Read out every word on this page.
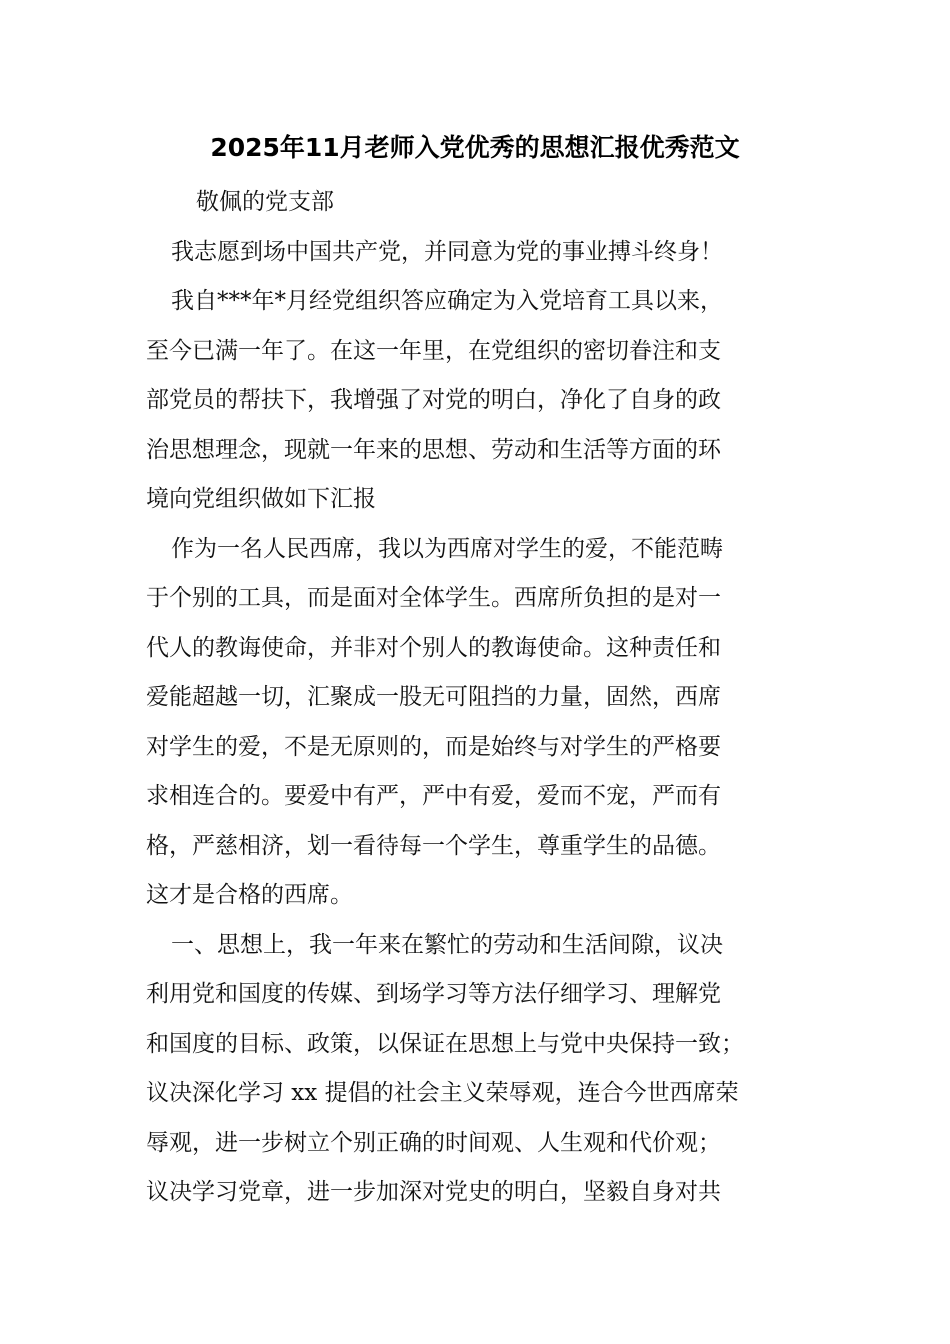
2025年11月老师入党优秀的思想汇报优秀范文
敬佩的党支部
我志愿到场中国共产党，并同意为党的事业搏斗终身！
我自***年*月经党组织答应确定为入党培育工具以来，
至今已满一年了。在这一年里，在党组织的密切眷注和支
部党员的帮扶下，我增强了对党的明白，净化了自身的政
治思想理念，现就一年来的思想、劳动和生活等方面的环
境向党组织做如下汇报
作为一名人民西席，我以为西席对学生的爱，不能范畴
于个别的工具，而是面对全体学生。西席所负担的是对一
代人的教诲使命，并非对个别人的教诲使命。这种责任和
爱能超越一切，汇聚成一股无可阻挡的力量，固然，西席
对学生的爱，不是无原则的，而是始终与对学生的严格要
求相连合的。要爱中有严，严中有爱，爱而不宠，严而有
格，严慈相济，划一看待每一个学生，尊重学生的品德。
这才是合格的西席。
一、思想上，我一年来在繁忙的劳动和生活间隙，议决
利用党和国度的传媒、到场学习等方法仔细学习、理解党
和国度的目标、政策，以保证在思想上与党中央保持一致；
议决深化学习 xx 提倡的社会主义荣辱观，连合今世西席荣
辱观，进一步树立个别正确的时间观、人生观和代价观；
议决学习党章，进一步加深对党史的明白，坚毅自身对共
